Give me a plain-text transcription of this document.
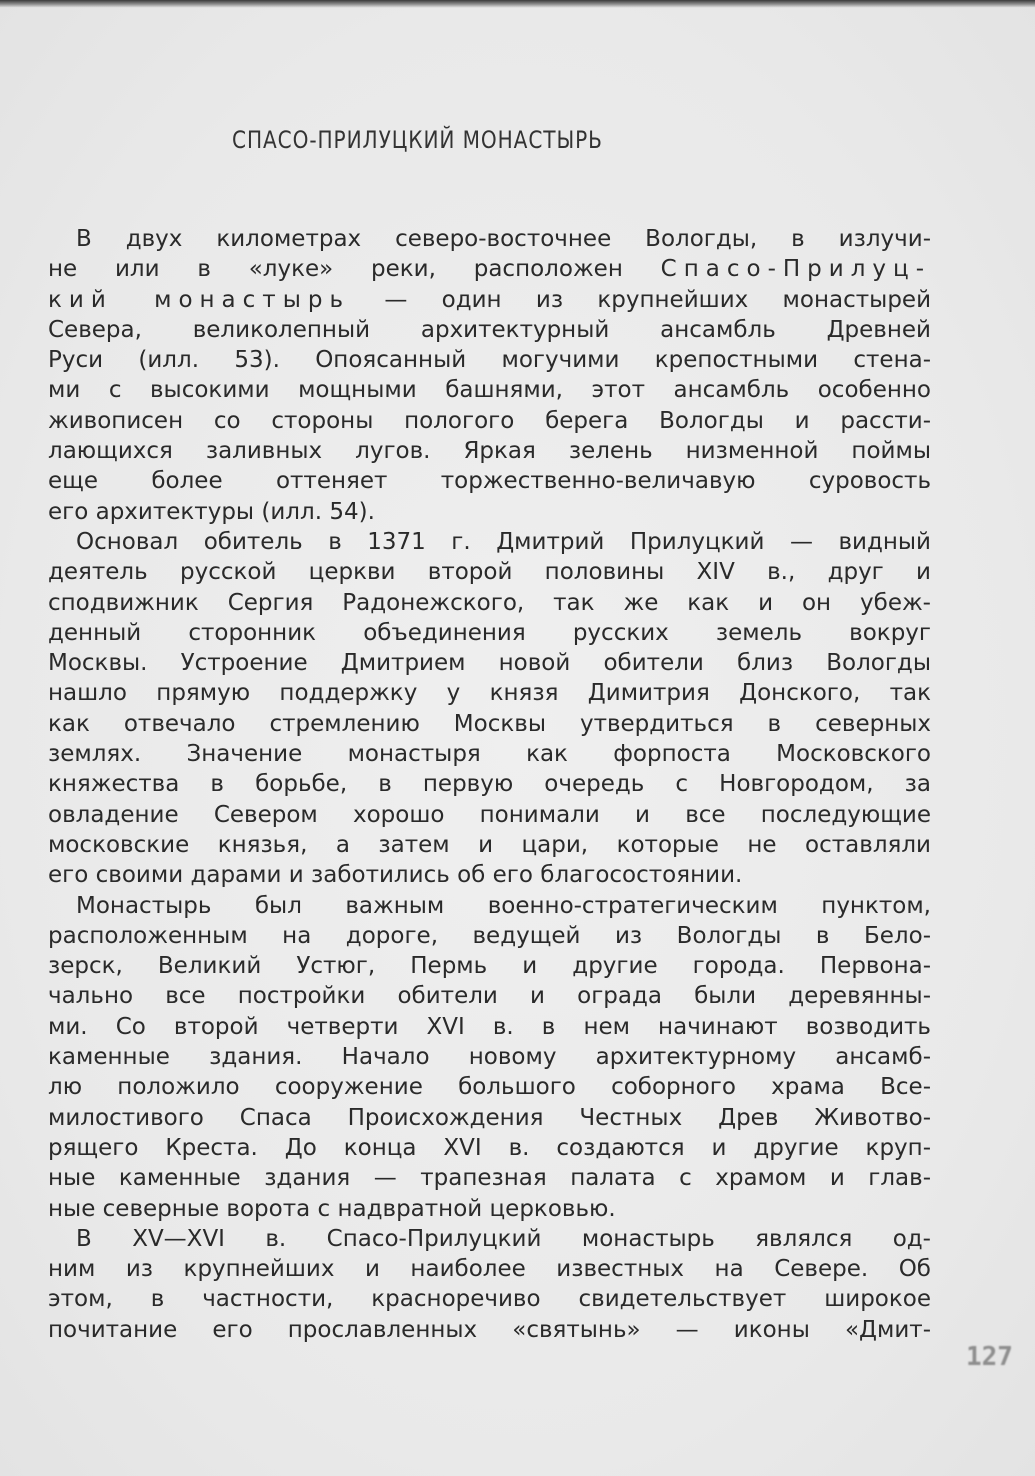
СПАСО-ПРИЛУЦКИЙ МОНАСТЫРЬ
В двух километрах северо-восточнее Вологды, в излучи-
не или в «луке» реки, расположен Спасо-Прилуц-
кий монастырь — один из крупнейших монастырей
Севера, великолепный архитектурный ансамбль Древней
Руси (илл. 53). Опоясанный могучими крепостными стена-
ми с высокими мощными башнями, этот ансамбль особенно
живописен со стороны пологого берега Вологды и рассти-
лающихся заливных лугов. Яркая зелень низменной поймы
еще более оттеняет торжественно-величавую суровость
его архитектуры (илл. 54).
Основал обитель в 1371 г. Дмитрий Прилуцкий — видный
деятель русской церкви второй половины XIV в., друг и
сподвижник Сергия Радонежского, так же как и он убеж-
денный сторонник объединения русских земель вокруг
Москвы. Устроение Дмитрием новой обители близ Вологды
нашло прямую поддержку у князя Димитрия Донского, так
как отвечало стремлению Москвы утвердиться в северных
землях. Значение монастыря как форпоста Московского
княжества в борьбе, в первую очередь с Новгородом, за
овладение Севером хорошо понимали и все последующие
московские князья, а затем и цари, которые не оставляли
его своими дарами и заботились об его благосостоянии.
Монастырь был важным военно-стратегическим пунктом,
расположенным на дороге, ведущей из Вологды в Бело-
зерск, Великий Устюг, Пермь и другие города. Первона-
чально все постройки обители и ограда были деревянны-
ми. Со второй четверти XVI в. в нем начинают возводить
каменные здания. Начало новому архитектурному ансамб-
лю положило сооружение большого соборного храма Все-
милостивого Спаса Происхождения Честных Древ Животво-
рящего Креста. До конца XVI в. создаются и другие круп-
ные каменные здания — трапезная палата с храмом и глав-
ные северные ворота с надвратной церковью.
В XV—XVI в. Спасо-Прилуцкий монастырь являлся од-
ним из крупнейших и наиболее известных на Севере. Об
этом, в частности, красноречиво свидетельствует широкое
почитание его прославленных «святынь» — иконы «Дмит-
127
